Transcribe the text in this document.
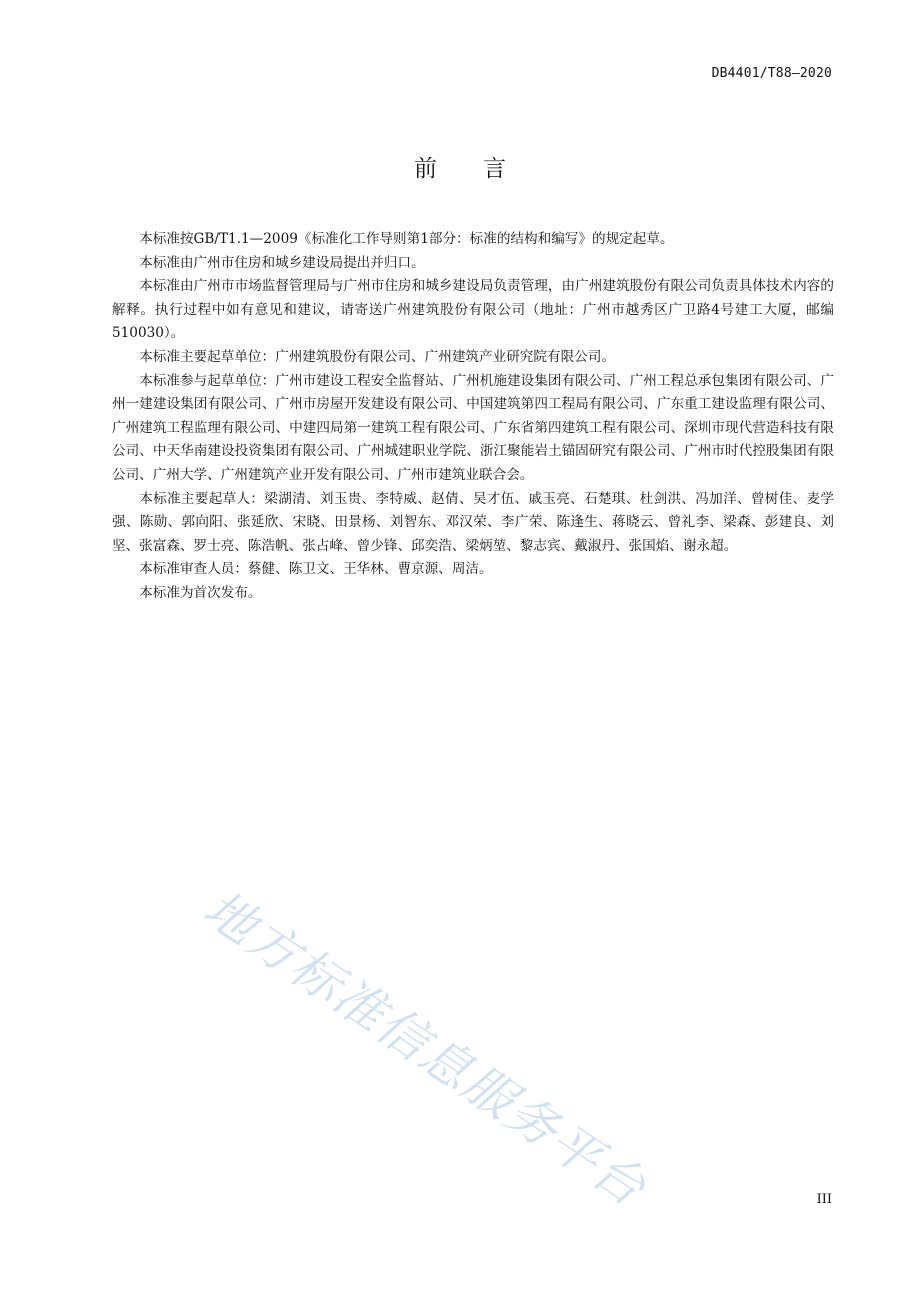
DB4401/T88—2020
前言

本标准按GB/T1.1—2009《标准化工作导则第1部分：标准的结构和编写》的规定起草。

本标准由广州市住房和城乡建设局提出并归口。

本标准由广州市市场监督管理局与广州市住房和城乡建设局负责管理，由广州建筑股份有限公司负责具体技术内容的解释。执行过程中如有意见和建议，请寄送广州建筑股份有限公司（地址：广州市越秀区广卫路4号建工大厦，邮编510030）。

本标准主要起草单位：广州建筑股份有限公司、广州建筑产业研究院有限公司。

本标准参与起草单位：广州市建设工程安全监督站、广州机施建设集团有限公司、广州工程总承包集团有限公司、广州一建建设集团有限公司、广州市房屋开发建设有限公司、中国建筑第四工程局有限公司、广东重工建设监理有限公司、广州建筑工程监理有限公司、中建四局第一建筑工程有限公司、广东省第四建筑工程有限公司、深圳市现代营造科技有限公司、中天华南建设投资集团有限公司、广州城建职业学院、浙江聚能岩土锚固研究有限公司、广州市时代控股集团有限公司、广州大学、广州建筑产业开发有限公司、广州市建筑业联合会。

本标准主要起草人：梁湖清、刘玉贵、李特威、赵倩、吴才伍、戚玉亮、石楚琪、杜剑洪、冯加洋、曾树佳、麦学强、陈勋、郭向阳、张延欣、宋晓、田景杨、刘智东、邓汉荣、李广荣、陈逢生、蒋晓云、曾礼李、梁森、彭建良、刘坚、张富森、罗士亮、陈浩帆、张占峰、曾少锋、邱奕浩、梁炳堃、黎志宾、戴淑丹、张国焰、谢永超。

本标准审查人员：蔡健、陈卫文、王华林、曹京源、周洁。

本标准为首次发布。

地方标准信息服务平台	III
